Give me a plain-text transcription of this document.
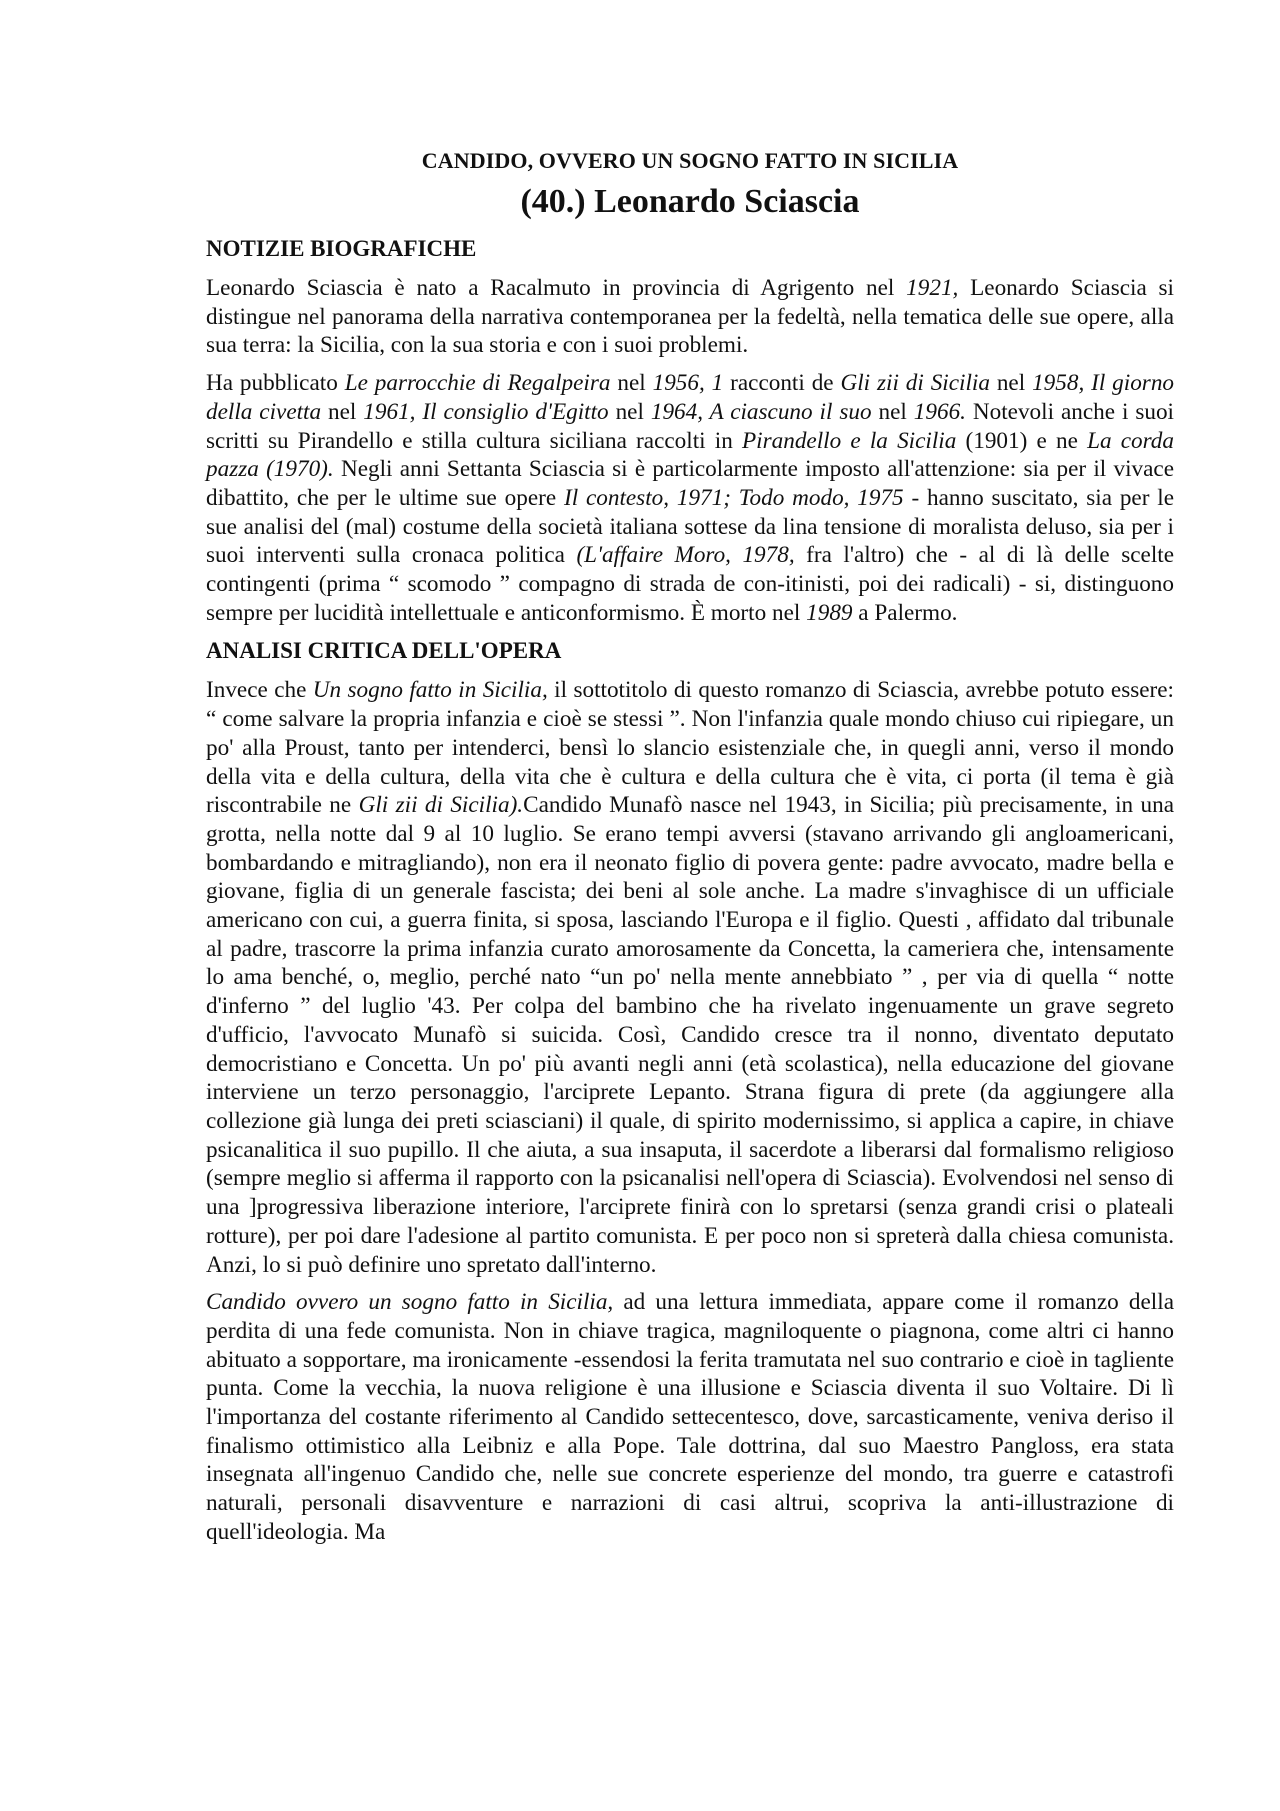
CANDIDO, OVVERO UN SOGNO FATTO IN SICILIA
(40.) Leonardo Sciascia

NOTIZIE BIOGRAFICHE

Leonardo Sciascia è nato a Racalmuto in provincia di Agrigento nel 1921, Leonardo Sciascia si distingue nel panorama della narrativa contemporanea per la fedeltà, nella tematica delle sue opere, alla sua terra: la Sicilia, con la sua storia e con i suoi problemi.

Ha pubblicato Le parrocchie di Regalpeira nel 1956, 1 racconti de Gli zii di Sicilia nel 1958, Il giorno della civetta nel 1961, Il consiglio d'Egitto nel 1964, A ciascuno il suo nel 1966. Notevoli anche i suoi scritti su Pirandello e stilla cultura siciliana raccolti in Pirandello e la Sicilia (1901) e ne La corda pazza (1970). Negli anni Settanta Sciascia si è particolarmente imposto all'attenzione: sia per il vivace dibattito, che per le ultime sue opere Il contesto, 1971; Todo modo, 1975 - hanno suscitato, sia per le sue analisi del (mal) costume della società italiana sottese da lina tensione di moralista deluso, sia per i suoi interventi sulla cronaca politica (L'affaire Moro, 1978, fra l'altro) che - al di là delle scelte contingenti (prima “ scomodo ” compagno di strada de con-itinisti, poi dei radicali) - si, distinguono sempre per lucidità intellettuale e anticonformismo. È morto nel 1989 a Palermo.

ANALISI CRITICA DELL'OPERA

Invece che Un sogno fatto in Sicilia, il sottotitolo di questo romanzo di Sciascia, avrebbe potuto essere: “ come salvare la propria infanzia e cioè se stessi ”. Non l'infanzia quale mondo chiuso cui ripiegare, un po' alla Proust, tanto per intenderci, bensì lo slancio esistenziale che, in quegli anni, verso il mondo della vita e della cultura, della vita che è cultura e della cultura che è vita, ci porta (il tema è già riscontrabile ne Gli zii di Sicilia).Candido Munafò nasce nel 1943, in Sicilia; più precisamente, in una grotta, nella notte dal 9 al 10 luglio. Se erano tempi avversi (stavano arrivando gli angloamericani, bombardando e mitragliando), non era il neonato figlio di povera gente: padre avvocato, madre bella e giovane, figlia di un generale fascista; dei beni al sole anche. La madre s'invaghisce di un ufficiale americano con cui, a guerra finita, si sposa, lasciando l'Europa e il figlio. Questi , affidato dal tribunale al padre, trascorre la prima infanzia curato amorosamente da Concetta, la cameriera che, intensamente lo ama benché, o, meglio, perché nato “un po' nella mente annebbiato ” , per via di quella “ notte d'inferno ” del luglio '43. Per colpa del bambino che ha rivelato ingenuamente un grave segreto d'ufficio, l'avvocato Munafò si suicida. Così, Candido cresce tra il nonno, diventato deputato democristiano e Concetta. Un po' più avanti negli anni (età scolastica), nella educazione del giovane interviene un terzo personaggio, l'arciprete Lepanto. Strana figura di prete (da aggiungere alla collezione già lunga dei preti sciasciani) il quale, di spirito modernissimo, si applica a capire, in chiave psicanalitica il suo pupillo. Il che aiuta, a sua insaputa, il sacerdote a liberarsi dal formalismo religioso (sempre meglio si afferma il rapporto con la psicanalisi nell'opera di Sciascia). Evolvendosi nel senso di una ]progressiva liberazione interiore, l'arciprete finirà con lo spretarsi (senza grandi crisi o plateali rotture), per poi dare l'adesione al partito comunista. E per poco non si spreterà dalla chiesa comunista. Anzi, lo si può definire uno spretato dall'interno.

Candido ovvero un sogno fatto in Sicilia, ad una lettura immediata, appare come il romanzo della perdita di una fede comunista. Non in chiave tragica, magniloquente o piagnona, come altri ci hanno abituato a sopportare, ma ironicamente -essendosi la ferita tramutata nel suo contrario e cioè in tagliente punta. Come la vecchia, la nuova religione è una illusione e Sciascia diventa il suo Voltaire. Di lì l'importanza del costante riferimento al Candido settecentesco, dove, sarcasticamente, veniva deriso il finalismo ottimistico alla Leibniz e alla Pope. Tale dottrina, dal suo Maestro Pangloss, era stata insegnata all'ingenuo Candido che, nelle sue concrete esperienze del mondo, tra guerre e catastrofi naturali, personali disavventure e narrazioni di casi altrui, scopriva la anti-illustrazione di quell'ideologia. Ma
